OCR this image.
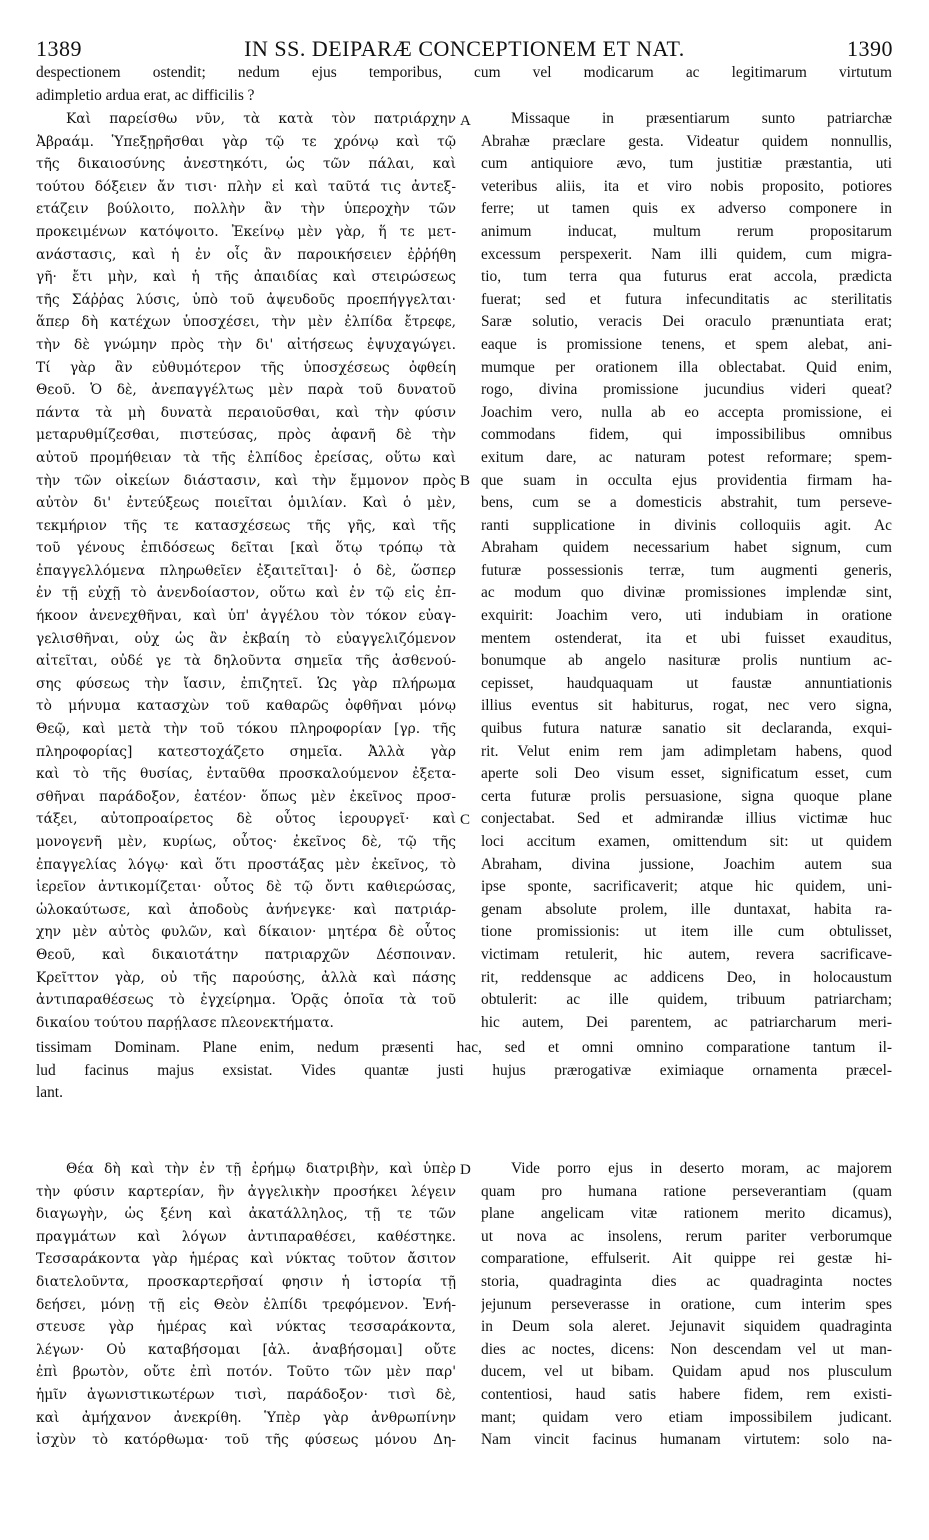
1389	IN SS. DEIPARÆ CONCEPTIONEM ET NAT.	1390
despectionem ostendit; nedum ejus temporibus, cum vel modicarum ac legitimarum virtutum
adimpletio ardua erat, ac difficilis ?
Καὶ παρείσθω νῦν, τὰ κατὰ τὸν πατριάρχην
Ἀβραάμ. Ὑπεξῃρῆσθαι γὰρ τῷ τε χρόνῳ καὶ τῷ
τῆς δικαιοσύνης ἀνεστηκότι, ὡς τῶν πάλαι, καὶ
τούτου δόξειεν ἄν τισι· πλὴν εἰ καὶ ταῦτά τις ἀντεξ-
ετάζειν βούλοιτο, πολλὴν ἂν τὴν ὑπεροχὴν τῶν
προκειμένων κατόψοιτο. Ἐκείνῳ μὲν γὰρ, ἥ τε μετ-
ανάστασις, καὶ ἡ ἐν οἷς ἂν παροικήσειεν ἐῤῥήθη
γῆ· ἔτι μὴν, καὶ ἡ τῆς ἀπαιδίας καὶ στειρώσεως
τῆς Σάῤῥας λύσις, ὑπὸ τοῦ ἀψευδοῦς προεπήγγελται·
ἅπερ δὴ κατέχων ὑποσχέσει, τὴν μὲν ἐλπίδα ἔτρεφε,
τὴν δὲ γνώμην πρὸς τὴν δι' αἰτήσεως ἐψυχαγώγει.
Τί γὰρ ἂν εὐθυμότερον τῆς ὑποσχέσεως ὀφθείη
Θεοῦ. Ὁ δὲ, ἀνεπαγγέλτως μὲν παρὰ τοῦ δυνατοῦ
πάντα τὰ μὴ δυνατὰ περαιοῦσθαι, καὶ τὴν φύσιν
μεταρυθμίζεσθαι, πιστεύσας, πρὸς ἀφανῆ δὲ τὴν
αὐτοῦ προμήθειαν τὰ τῆς ἐλπίδος ἐρείσας, οὕτω καὶ
τὴν τῶν οἰκείων διάστασιν, καὶ τὴν ἔμμονον πρὸς
αὐτὸν δι' ἐντεύξεως ποιεῖται ὁμιλίαν. Καὶ ὁ μὲν,
τεκμήριον τῆς τε κατασχέσεως τῆς γῆς, καὶ τῆς
τοῦ γένους ἐπιδόσεως δεῖται [καὶ ὅτῳ τρόπῳ τὰ
ἐπαγγελλόμενα πληρωθεῖεν ἐξαιτεῖται]· ὁ δὲ, ὥσπερ
ἐν τῇ εὐχῇ τὸ ἀνενδοίαστον, οὕτω καὶ ἐν τῷ εἰς ἐπ-
ήκοον ἀνενεχθῆναι, καὶ ὑπ' ἀγγέλου τὸν τόκον εὐαγ-
γελισθῆναι, οὐχ ὡς ἂν ἐκβαίη τὸ εὐαγγελιζόμενον
αἰτεῖται, οὐδέ γε τὰ δηλοῦντα σημεῖα τῆς ἀσθενού-
σης φύσεως τὴν ἴασιν, ἐπιζητεῖ. Ὡς γὰρ πλήρωμα
τὸ μήνυμα κατασχὼν τοῦ καθαρῶς ὀφθῆναι μόνῳ
Θεῷ, καὶ μετὰ τὴν τοῦ τόκου πληροφορίαν [γρ. τῆς
πληροφορίας] κατεστοχάζετο σημεῖα. Ἀλλὰ γὰρ
καὶ τὸ τῆς θυσίας, ἐνταῦθα προσκαλούμενον ἐξετα-
σθῆναι παράδοξον, ἐατέον· ὅπως μὲν ἐκεῖνος προσ-
τάξει, αὐτοπροαίρετος δὲ οὗτος ἱερουργεῖ· καὶ
μονογενῆ μὲν, κυρίως, οὗτος· ἐκεῖνος δὲ, τῷ τῆς
ἐπαγγελίας λόγῳ· καὶ ὅτι προστάξας μὲν ἐκεῖνος, τὸ
ἱερεῖον ἀντικομίζεται· οὗτος δὲ τῷ ὄντι καθιερώσας,
ὡλοκαύτωσε, καὶ ἀποδοὺς ἀνήνεγκε· καὶ πατριάρ-
χην μὲν αὐτὸς φυλῶν, καὶ δίκαιον· μητέρα δὲ οὗτος
Θεοῦ, καὶ δικαιοτάτην πατριαρχῶν Δέσποιναν.
Κρεῖττον γὰρ, οὐ τῆς παρούσης, ἀλλὰ καὶ πάσης
ἀντιπαραθέσεως τὸ ἐγχείρημα. Ὁρᾷς ὁποῖα τὰ τοῦ
δικαίου τούτου παρῄλασε πλεονεκτήματα.
Missaque in præsentiarum sunto patriarchæ
Abrahæ præclare gesta. Videatur quidem nonnullis,
cum antiquiore ævo, tum justitiæ præstantia, uti
veteribus aliis, ita et viro nobis proposito, potiores
ferre; ut tamen quis ex adverso componere in
animum inducat, multum rerum propositarum
excessum perspexerit. Nam illi quidem, cum migra-
tio, tum terra qua futurus erat accola, prædicta
fuerat; sed et futura infecunditatis ac sterilitatis
Saræ solutio, veracis Dei oraculo prænuntiata erat;
eaque is promissione tenens, et spem alebat, ani-
mumque per orationem illa oblectabat. Quid enim,
rogo, divina promissione jucundius videri queat?
Joachim vero, nulla ab eo accepta promissione, ei
commodans fidem, qui impossibilibus omnibus
exitum dare, ac naturam potest reformare; spem-
que suam in occulta ejus providentia firmam ha-
bens, cum se a domesticis abstrahit, tum perseve-
ranti supplicatione in divinis colloquiis agit. Ac
Abraham quidem necessarium habet signum, cum
futuræ possessionis terræ, tum augmenti generis,
ac modum quo divinæ promissiones implendæ sint,
exquirit: Joachim vero, uti indubiam in oratione
mentem ostenderat, ita et ubi fuisset exauditus,
bonumque ab angelo nasituræ prolis nuntium ac-
cepisset, haudquaquam ut faustæ annuntiationis
illius eventus sit habiturus, rogat, nec vero signa,
quibus futura naturæ sanatio sit declaranda, exqui-
rit. Velut enim rem jam adimpletam habens, quod
aperte soli Deo visum esset, significatum esset, cum
certa futuræ prolis persuasione, signa quoque plane
conjectabat. Sed et admirandæ illius victimæ huc
loci accitum examen, omittendum sit: ut quidem
Abraham, divina jussione, Joachim autem sua
ipse sponte, sacrificaverit; atque hic quidem, uni-
genam absolute prolem, ille duntaxat, habita ra-
tione promissionis: ut item ille cum obtulisset,
victimam retulerit, hic autem, revera sacrificave-
rit, reddensque ac addicens Deo, in holocaustum
obtulerit: ac ille quidem, tribuum patriarcham;
hic autem, Dei parentem, ac patriarcharum meri-
tissimam Dominam. Plane enim, nedum præsenti hac, sed et omni omnino comparatione tantum il-
lud facinus majus exsistat. Vides quantæ justi hujus prærogativæ eximiaque ornamenta præcel-
lant.
Θέα δὴ καὶ τὴν ἐν τῇ ἐρήμῳ διατριβὴν, καὶ ὑπὲρ
τὴν φύσιν καρτερίαν, ἣν ἀγγελικὴν προσήκει λέγειν
διαγωγὴν, ὡς ξένη καὶ ἀκατάλληλος, τῇ τε τῶν
πραγμάτων καὶ λόγων ἀντιπαραθέσει, καθέστηκε.
Τεσσαράκοντα γὰρ ἡμέρας καὶ νύκτας τοῦτον ἄσιτον
διατελοῦντα, προσκαρτερῆσαί φησιν ἡ ἱστορία τῇ
δεήσει, μόνῃ τῇ εἰς Θεὸν ἐλπίδι τρεφόμενον. Ἐνή-
στευσε γὰρ ἡμέρας καὶ νύκτας τεσσαράκοντα,
λέγων· Οὐ καταβήσομαι [ἀλ. ἀναβήσομαι] οὔτε
ἐπὶ βρωτὸν, οὔτε ἐπὶ ποτόν. Τοῦτο τῶν μὲν παρ'
ἡμῖν ἀγωνιστικωτέρων τισὶ, παράδοξον· τισὶ δὲ,
καὶ ἀμήχανον ἀνεκρίθη. Ὑπὲρ γὰρ ἀνθρωπίνην
ἰσχὺν τὸ κατόρθωμα· τοῦ τῆς φύσεως μόνου Δη-
Vide porro ejus in deserto moram, ac majorem
quam pro humana ratione perseverantiam (quam
plane angelicam vitæ rationem merito dicamus),
ut nova ac insolens, rerum pariter verborumque
comparatione, effulserit. Ait quippe rei gestæ hi-
storia, quadraginta dies ac quadraginta noctes
jejunum perseverasse in oratione, cum interim spes
in Deum sola aleret. Jejunavit siquidem quadraginta
dies ac noctes, dicens: Non descendam vel ut man-
ducem, vel ut bibam. Quidam apud nos plusculum
contentiosi, haud satis habere fidem, rem existi-
mant; quidam vero etiam impossibilem judicant.
Nam vincit facinus humanam virtutem: solo na-
A
B
C
D
